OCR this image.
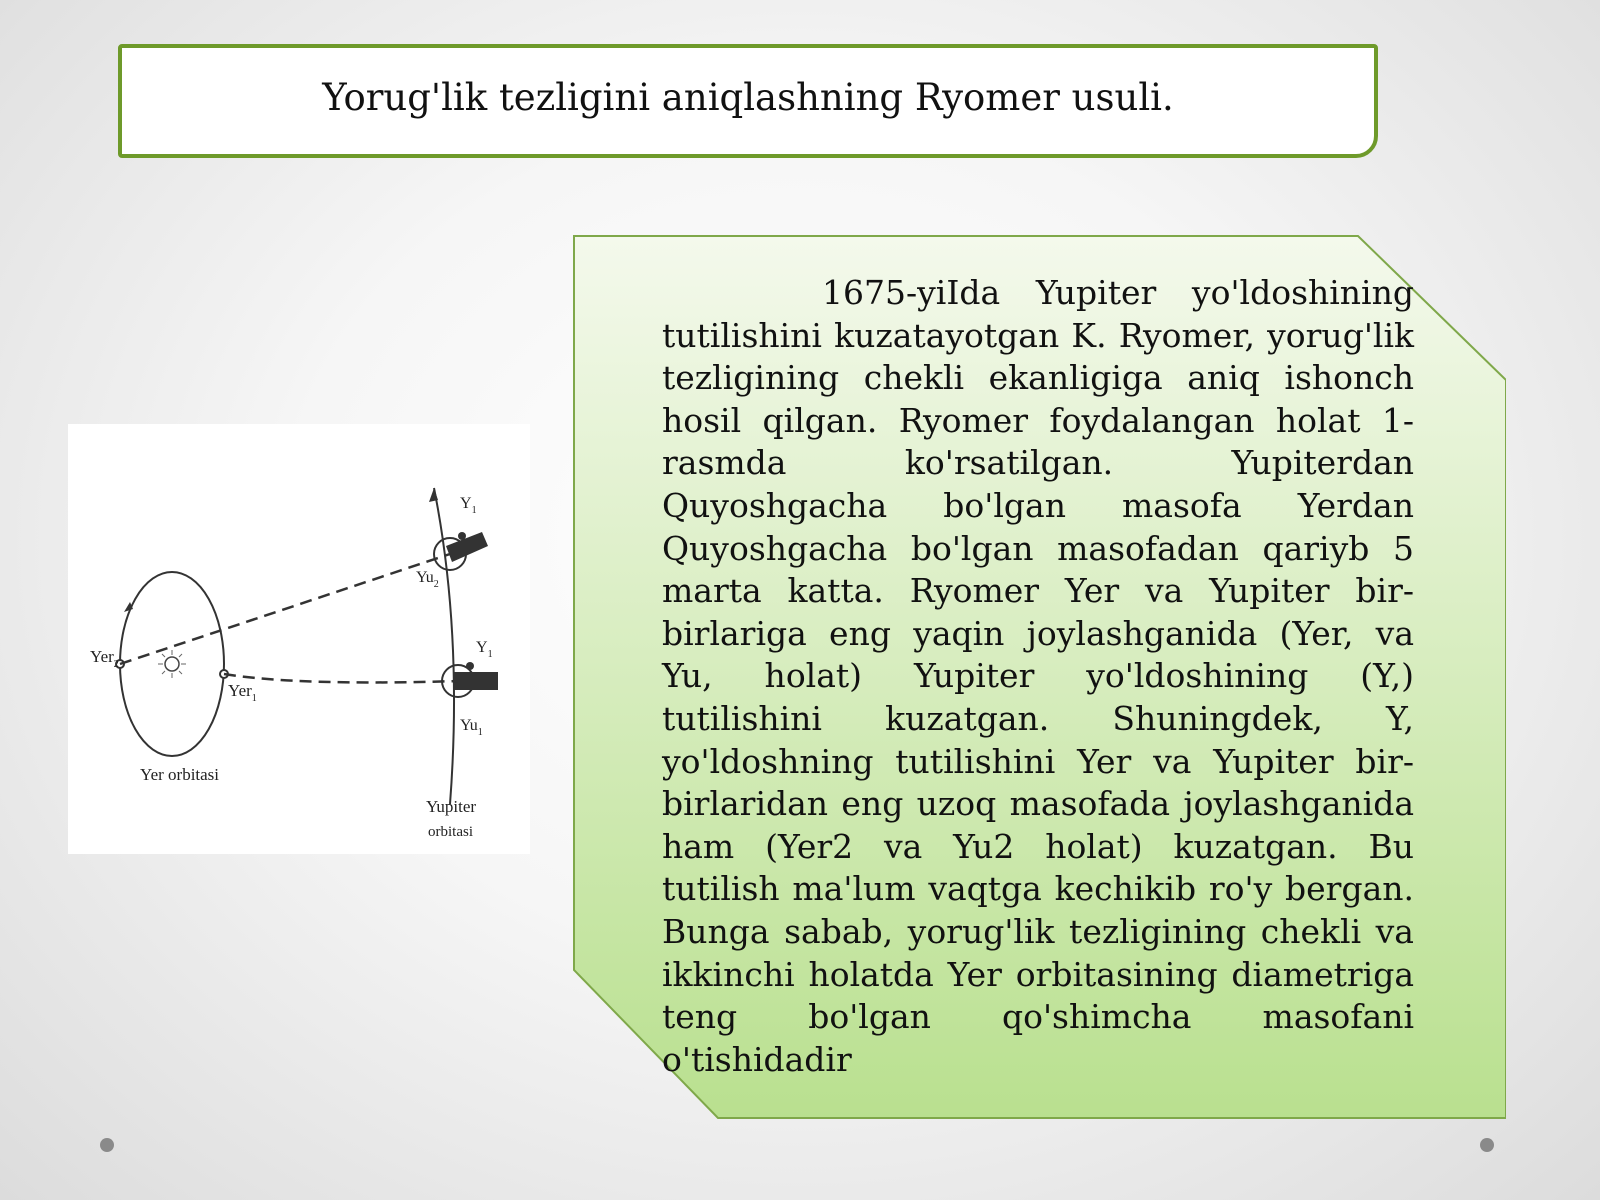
Yorug'lik tezligini aniqlashning Ryomer usuli.
Yer$_2$
Yer$_1$
Yer orbitasi
$Yu_2$
$Yu_1$
$Y_1$
$Y_1$
Yupiter
orbitasi
1675-yiIda Yupiter yo'ldoshining tutilishini kuzatayotgan K. Ryomer, yorug'lik tezligining chekli ekanligiga aniq ishonch hosil qilgan. Ryomer foydalangan holat 1-rasmda ko'rsatilgan. Yupiterdan Quyoshgacha bo'lgan masofa Yerdan Quyoshgacha bo'lgan masofadan qariyb 5 marta katta. Ryomer Yer va Yupiter bir-birlariga eng yaqin joylashganida (Yer, va Yu, holat) Yupiter yo'ldoshining (Y,) tutilishini kuzatgan. Shuningdek, Y, yo'ldoshning tutilishini Yer va Yupiter bir-birlaridan eng uzoq masofada joylashganida ham (Yer2 va Yu2 holat) kuzatgan. Bu tutilish ma'lum vaqtga kechikib ro'y bergan. Bunga sabab, yorug'lik tezligining chekli va ikkinchi holatda Yer orbitasining diametriga teng bo'lgan qo'shimcha masofani o'tishidadir
